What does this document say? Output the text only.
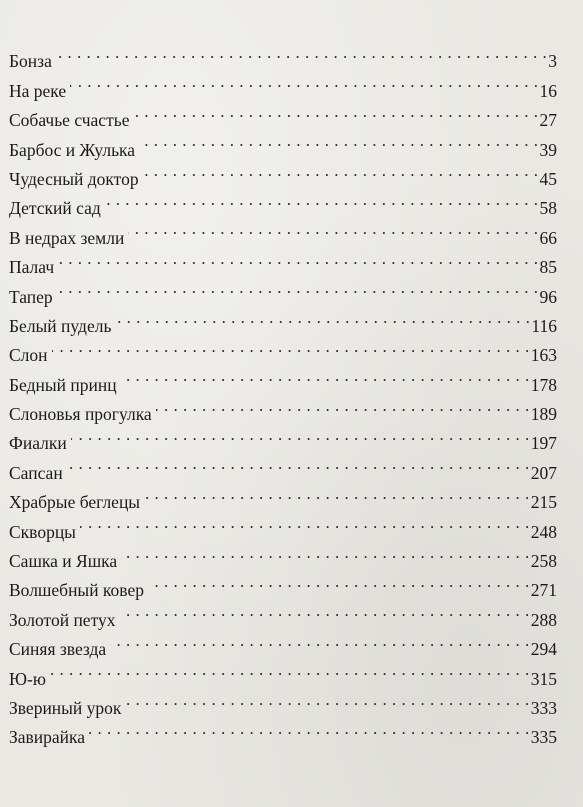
Бонза . . .	3
На реке . . .	16
Собачье счастье . . .	27
Барбос и Жулька . . .	39
Чудесный доктор . . .	45
Детский сад . . .	58
В недрах земли . . .	66
Палач . . .	85
Тапер . . .	96
Белый пудель . . .	116
Слон . . .	163
Бедный принц . . .	178
Слоновья прогулка . . .	189
Фиалки . . .	197
Сапсан . . .	207
Храбрые беглецы . . .	215
Скворцы . . .	248
Сашка и Яшка . . .	258
Волшебный ковер . . .	271
Золотой петух . . .	288
Синяя звезда . . .	294
Ю-ю . . .	315
Звериный урок . . .	333
Завирайка . . .	335
